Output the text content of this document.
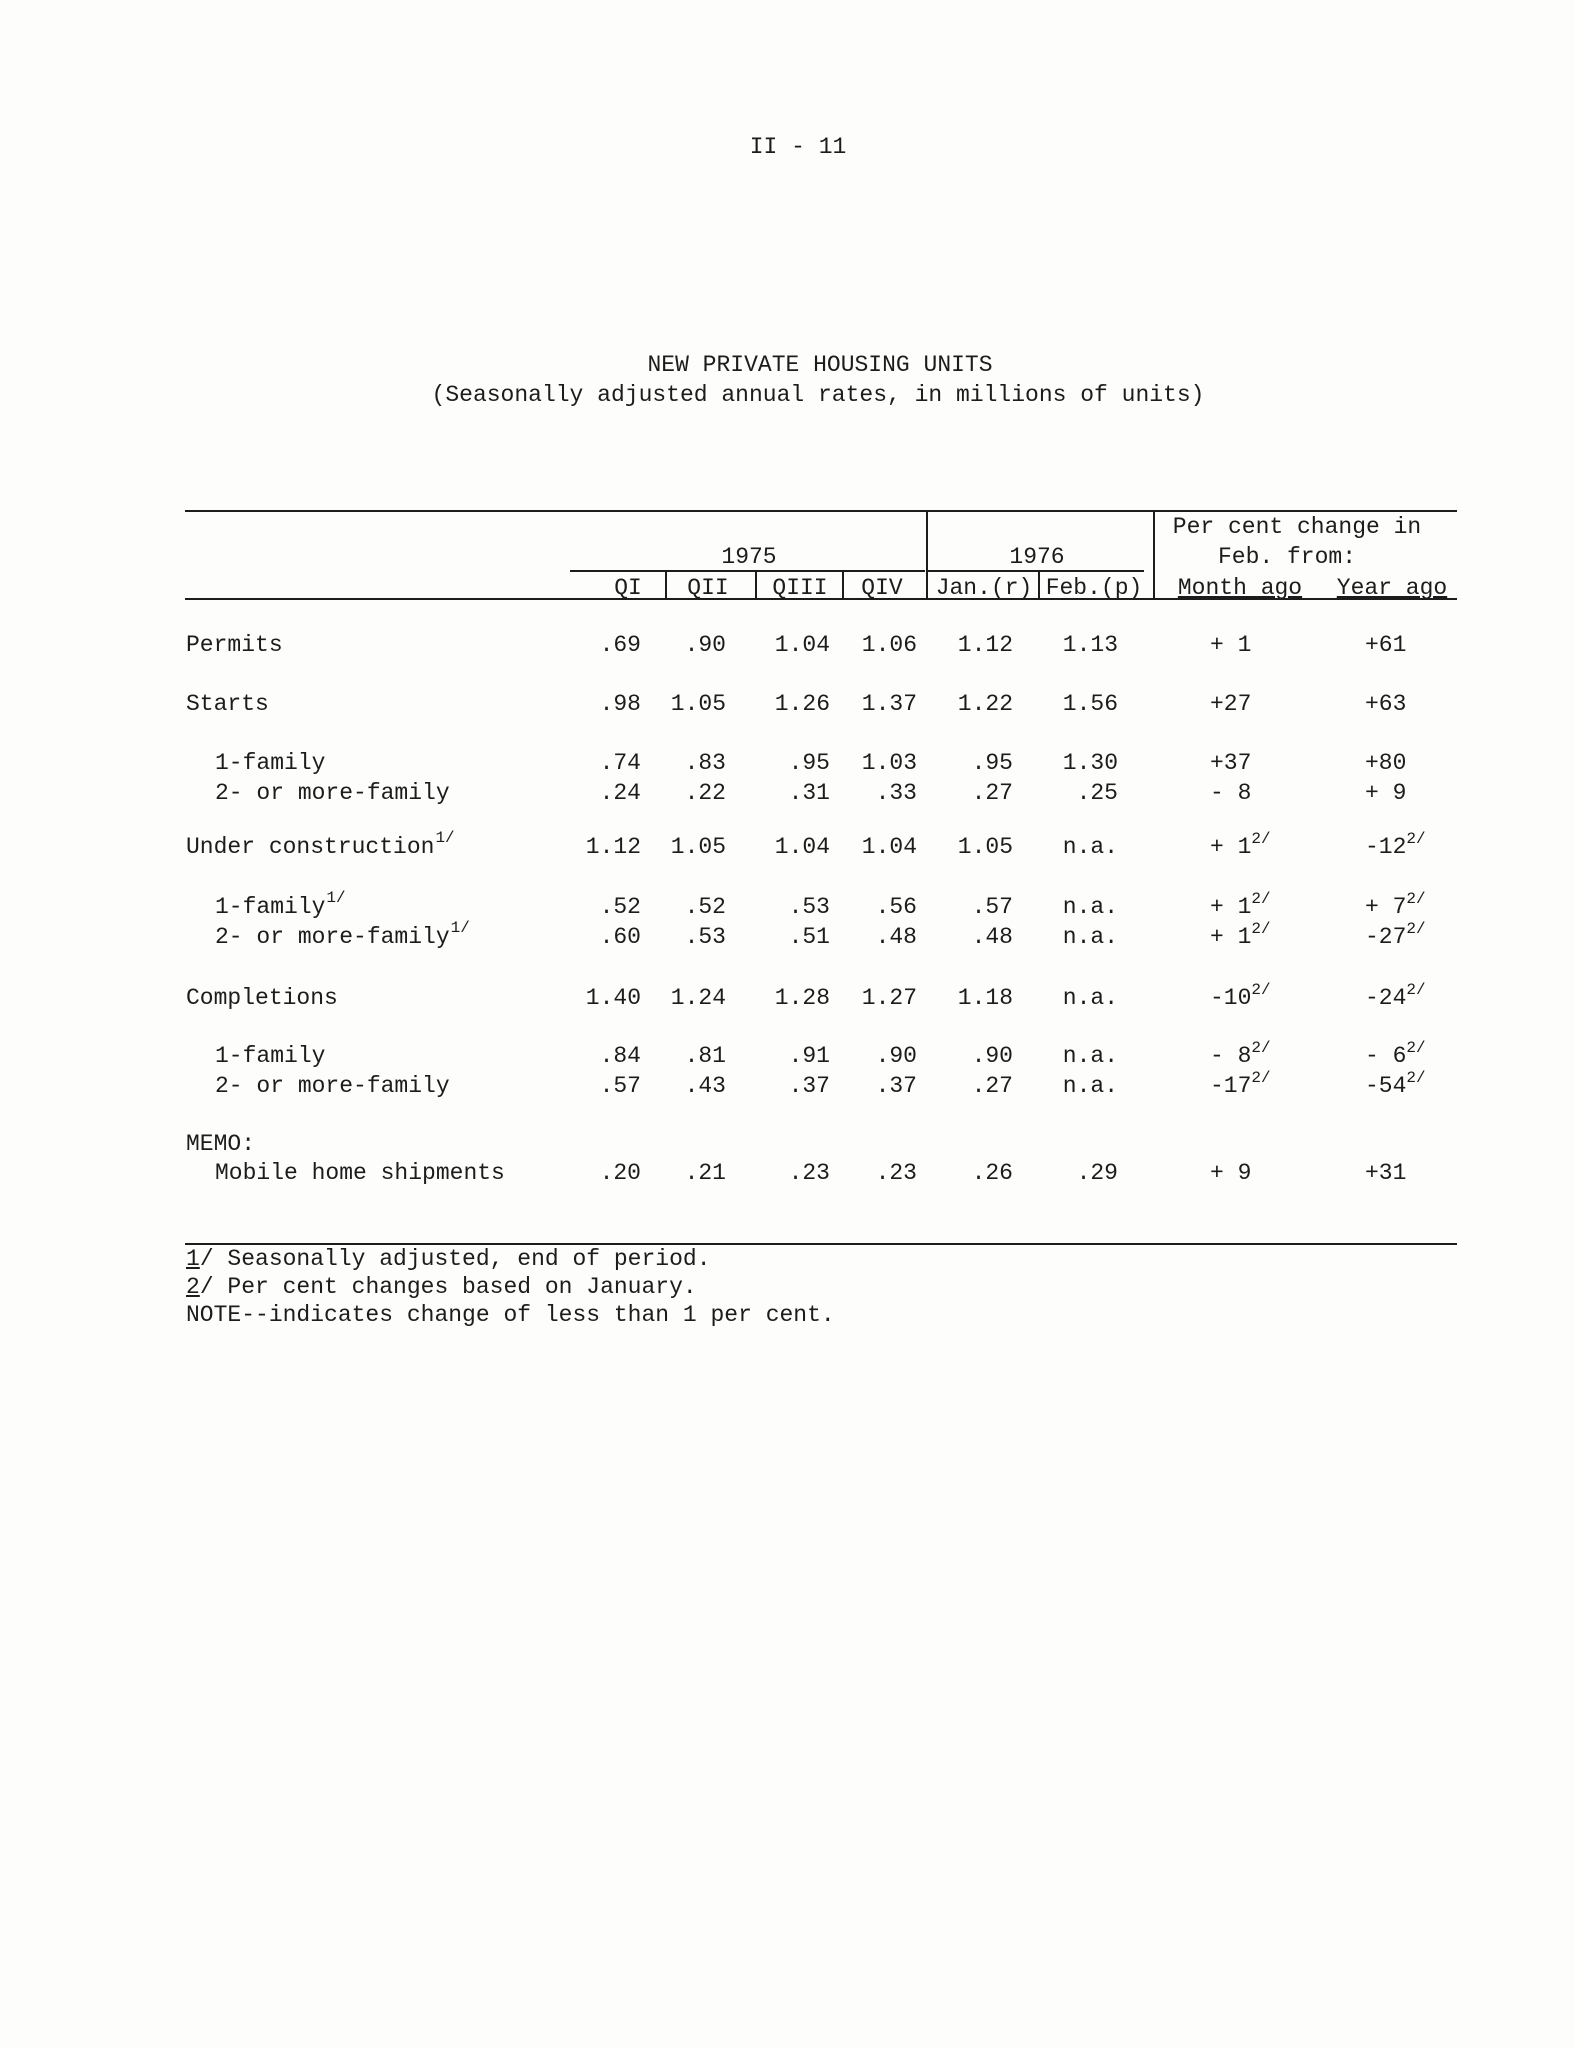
II - 11
NEW PRIVATE HOUSING UNITS
(Seasonally adjusted annual rates, in millions of units)
1975	1976
Per cent change in
Feb. from:
QI QII QIII QIV Jan.(r) Feb.(p) Month ago Year ago
Permits	.69 .90 1.04 1.06 1.12 1.13	+ 1	+61
Starts	.98 1.05 1.26 1.37 1.22 1.56	+27	+63
1-family	.74 .83	.95 1.03 .95 1.30	+37	+80
2- or more-family	.24 .22	.31 .33 .27	.25	- 8	+ 9
Under construction$^{1/}$	1.12 1.05 1.04 1.04 1.05 n.a.	+ 1$^{2/}$	-12$^{2/}$
1-family$^{1/}$	.52 .52	.53 .56 .57 n.a.	+ 1$^{2/}$	+ 7$^{2/}$
2- or more-family$^{1/}$	.60 .53	.51 .48 .48 n.a.	+ 1$^{2/}$	-27$^{2/}$
Completions	1.40 1.24 1.28 1.27 1.18 n.a.	-10$^{2/}$	-24$^{2/}$
1-family	.84 .81	.91 .90 .90 n.a.	- 8$^{2/}$	- 6$^{2/}$
2- or more-family	.57 .43	.37 .37 .27 n.a.	-17$^{2/}$	-54$^{2/}$
MEMO:
Mobile home shipments	.20 .21	.23 .23 .26	.29	+ 9	+31
1/ Seasonally adjusted, end of period.
2/ Per cent changes based on January.
NOTE--indicates change of less than 1 per cent.
